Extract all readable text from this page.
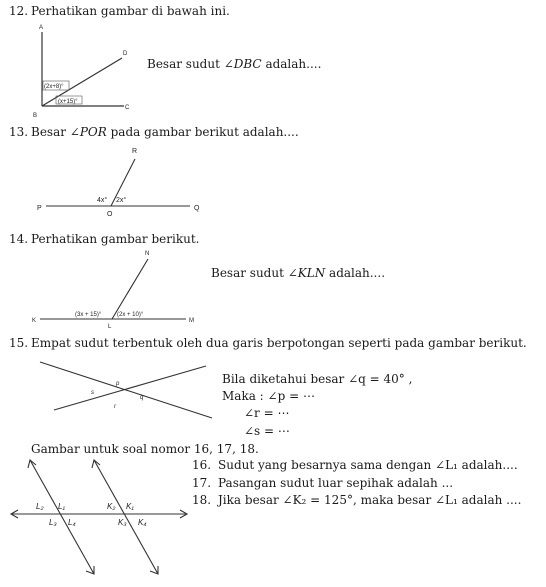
12. Perhatikan gambar di bawah ini.
A
D
B
C
(2x+8)°
(x+15)°
Besar sudut ∠DBC adalah....
13. Besar ∠POR pada gambar berikut adalah....
R
P
O
Q
4x° 2x°
14. Perhatikan gambar berikut.
N
K
L
M
(3x + 15)°	(2x + 10)°
Besar sudut ∠KLN adalah....
15. Empat sudut terbentuk oleh dua garis berpotongan seperti pada gambar berikut.
p
q
r
s
Bila diketahui besar ∠q = 40° ,
Maka : ∠p = ⋯
∠r = ⋯
∠s = ⋯
Gambar untuk soal nomor 16, 17, 18.
L₂ L₁
L₃ L₄
K₂ K₁
K₃ K₄
16. Sudut yang besarnya sama dengan ∠L₁ adalah....
17. Pasangan sudut luar sepihak adalah ...
18. Jika besar ∠K₂ = 125°, maka besar ∠L₁ adalah ....
